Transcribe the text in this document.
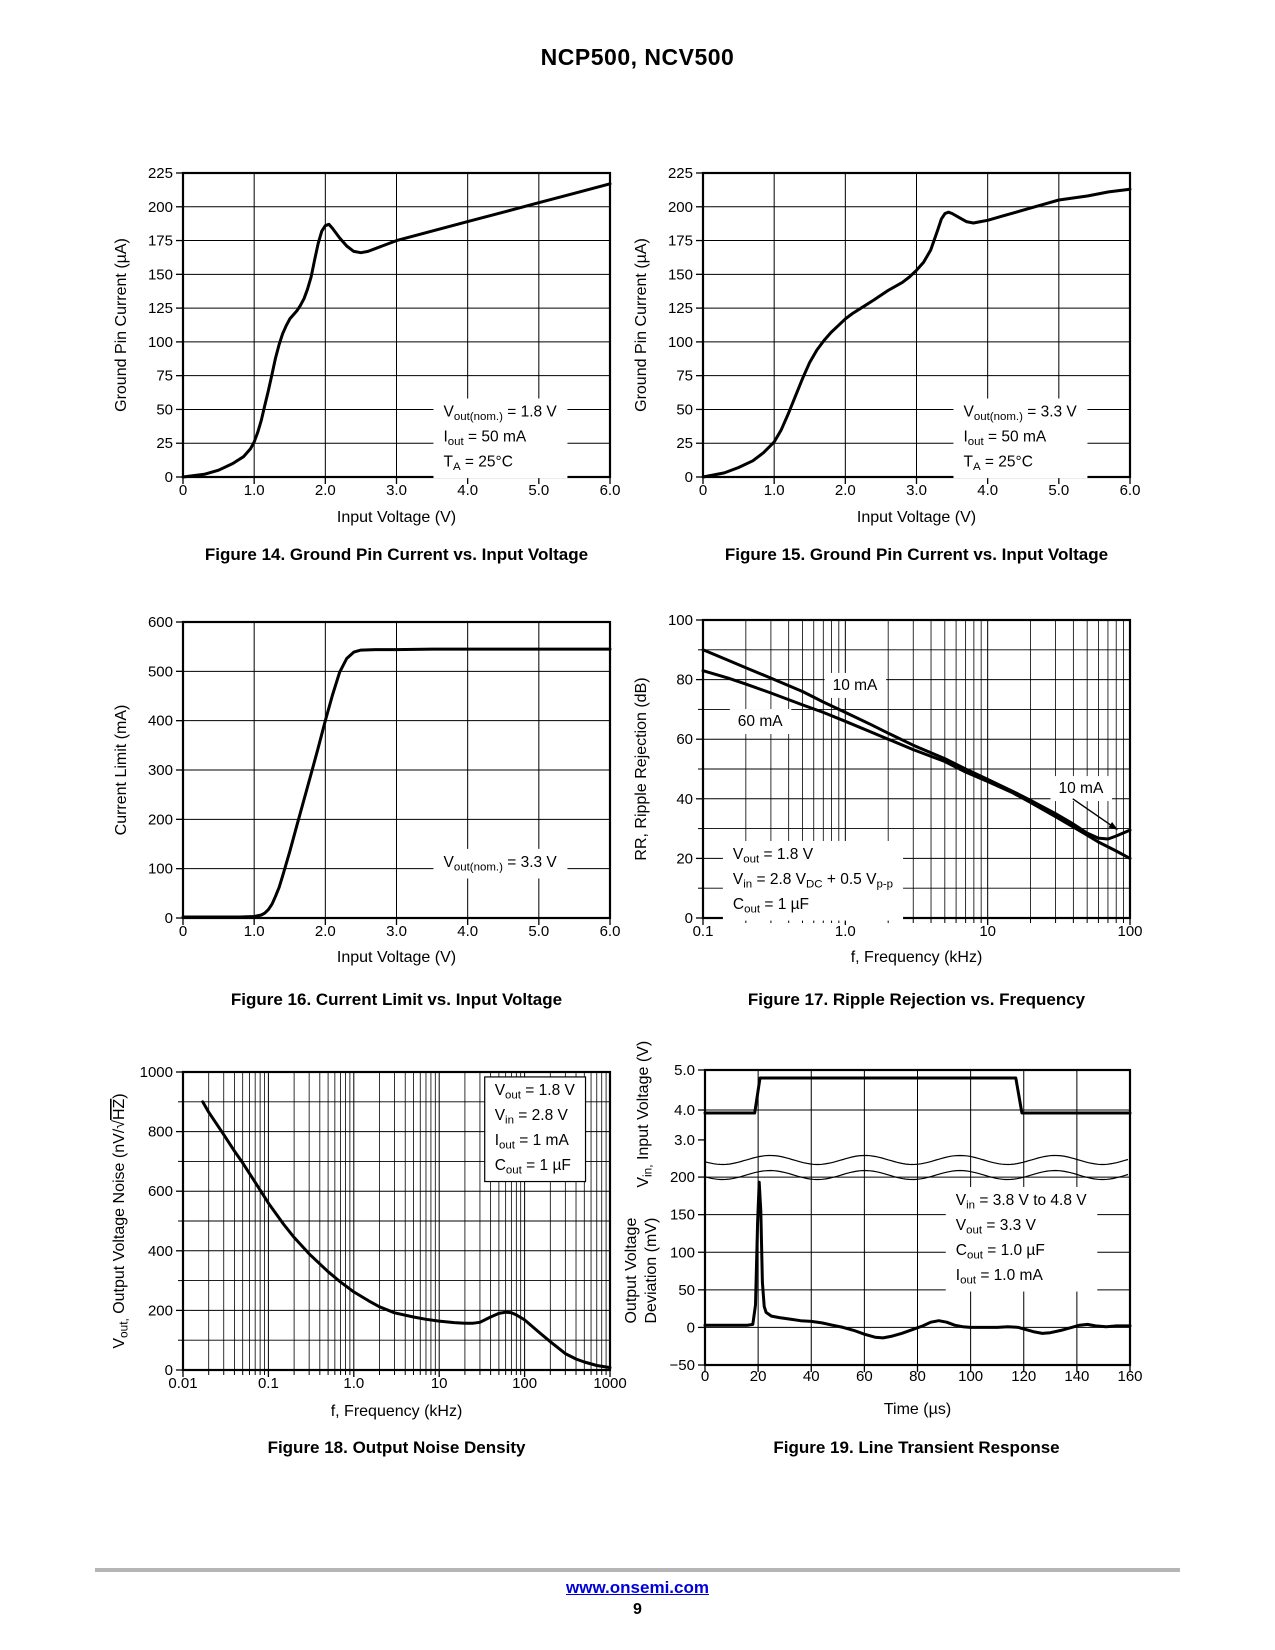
NCP500, NCV500
$V_{out(nom.)} = 1.8$ V
$I_{out} = 50$ mA
$T_A = 25^\circ C$
0	1.0	2.0	3.0	4.0	5.0	6.0
0
25
50
75
100
125
150
175
200
225
Input Voltage (V)
Ground Pin Current (µA)
$V_{out(nom.)} = 3.3$ V
$I_{out} = 50$ mA
$T_A = 25^\circ C$
0	1.0	2.0	3.0	4.0	5.0	6.0
0
25
50
75
100
125
150
175
200
225
Input Voltage (V)
Ground Pin Current (µA)
$V_{out(nom.)} = 3.3$ V
0	1.0	2.0	3.0	4.0	5.0	6.0
0
100
200
300
400
500
600
Input Voltage (V)
Current Limit (mA)
$V_{out} = 1.8$ V
$V_{in} = 2.8$ $V_{DC} + 0.5$ $V_{p-p}$
$C_{out} = 1$ µF
10 mA
60 mA
10 mA
0.1	1.0	10	100
0
20
40
60
80
100
f, Frequency (kHz)
RR, Ripple Rejection (dB)
$V_{out} = 1.8$ V
$V_{in} = 2.8$ V
$I_{out} = 1$ mA
$C_{out} = 1$ µF
0.01	0.1	1.0	10	100	1000
0
200
400
600
800
1000
f, Frequency (kHz)
$V_{out,}$ Output Voltage Noise (nV/√HZ)
$V_{in} = 3.8$ V to 4.8 V
$V_{out} = 3.3$ V
$C_{out} = 1.0$ µF
$I_{out} = 1.0$ mA
0	20 40 60 80 100 120 140 160
5.0
4.0
3.0
200
150
100
50
0
−50
Time (µs)
$V_{in,}$ Input Voltage (V)
Output Voltage Deviation (mV)
Figure 14. Ground Pin Current vs. Input Voltage	Figure 15. Ground Pin Current vs. Input Voltage
Figure 16. Current Limit vs. Input Voltage	Figure 17. Ripple Rejection vs. Frequency
Figure 18. Output Noise Density	Figure 19. Line Transient Response
www.onsemi.com
9
